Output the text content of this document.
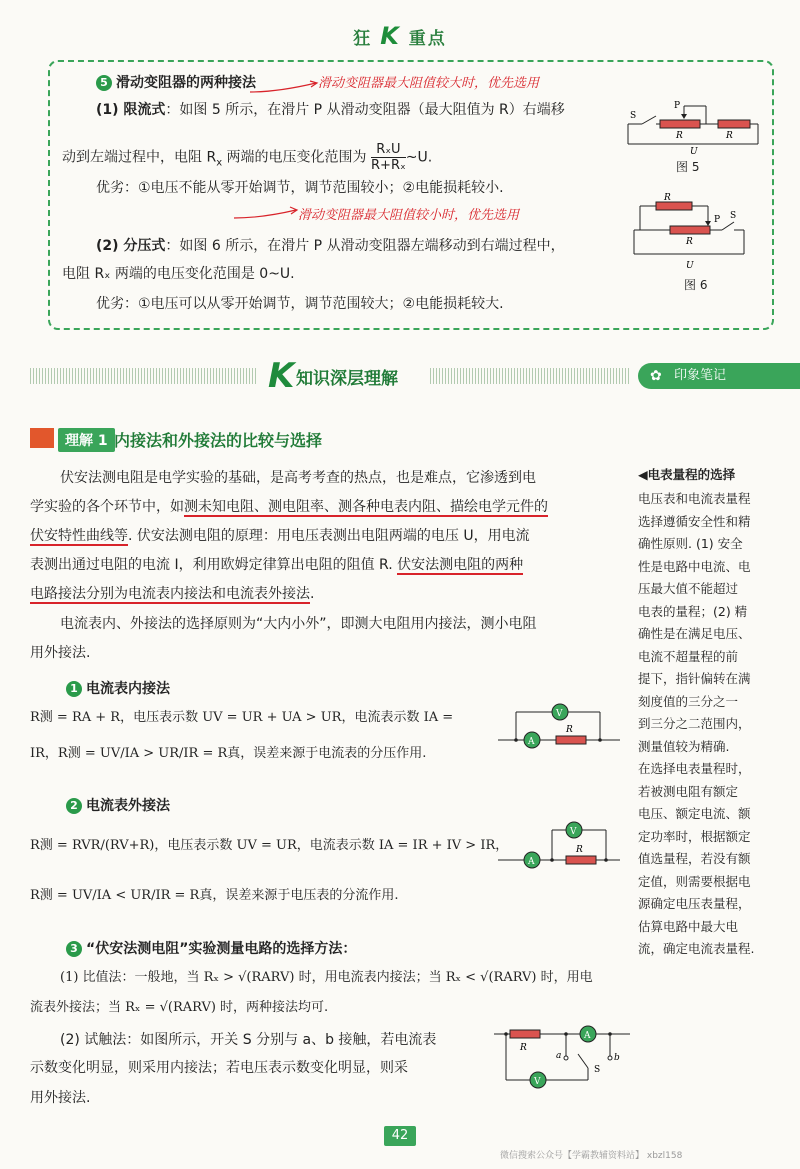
狂 K 重点
5 滑动变阻器的两种接法	滑动变阻器最大阻值较大时，优先选用
(1) 限流式：如图 5 所示，在滑片 P 从滑动变阻器（最大阻值为 R）右端移
动到左端过程中，电阻 $R_x$ 两端的电压变化范围为 $\frac{\text{RₓU}}{\text{R+Rₓ}}$ ~U.
优劣：①电压不能从零开始调节，调节范围较小；②电能损耗较小.
滑动变阻器最大阻值较小时，优先选用
(2) 分压式：如图 6 所示，在滑片 P 从滑动变阻器左端移动到右端过程中，
电阻 Rₓ 两端的电压变化范围是 0~U.
优劣：①电压可以从零开始调节，调节范围较大；②电能损耗较大.
S
P
R	R
U
图 5
R
P S
R
U
图 6
K 知识深层理解	✿ 印象笔记
理解 1 内接法和外接法的比较与选择
伏安法测电阻是电学实验的基础，是高考考查的热点，也是难点，它渗透到电
学实验的各个环节中，如测未知电阻、测电阻率、测各种电表内阻、描绘电学元件的
伏安特性曲线等. 伏安法测电阻的原理：用电压表测出电阻两端的电压 U，用电流
表测出通过电阻的电流 I，利用欧姆定律算出电阻的阻值 R. 伏安法测电阻的两种
电路接法分别为电流表内接法和电流表外接法.
电流表内、外接法的选择原则为“大内小外”，即测大电阻用内接法，测小电阻
用外接法.
1 电流表内接法
R测 = RA + R，电压表示数 UV = UR + UA > UR，电流表示数 IA =
IR，R测 = UV/IA > UR/IR = R真，误差来源于电流表的分压作用.
A
V
R
2 电流表外接法
R测 = RVR/(RV+R)，电压表示数 UV = UR，电流表示数 IA = IR + IV > IR，
R测 = UV/IA < UR/IR = R真，误差来源于电压表的分流作用.
A
V
R
3 “伏安法测电阻”实验测量电路的选择方法：
(1) 比值法：一般地，当 Rₓ > √(RARV) 时，用电流表内接法；当 Rₓ < √(RARV) 时，用电
流表外接法；当 Rₓ = √(RARV) 时，两种接法均可.
(2) 试触法：如图所示，开关 S 分别与 a、b 接触，若电流表
示数变化明显，则采用内接法；若电压表示数变化明显，则采
用外接法.
A
V
R
a	b
S
◀电表量程的选择
电压表和电流表量程
选择遵循安全性和精
确性原则. (1) 安全
性是电路中电流、电
压最大值不能超过
电表的量程；(2) 精
确性是在满足电压、
电流不超量程的前
提下，指针偏转在满
刻度值的三分之一
到三分之二范围内，
测量值较为精确.
在选择电表量程时，
若被测电阻有额定
电压、额定电流、额
定功率时，根据额定
值选量程，若没有额
定值，则需要根据电
源确定电压表量程，
估算电路中最大电
流，确定电流表量程.
42
微信搜索公众号【学霸教辅资料站】 xbzl158
